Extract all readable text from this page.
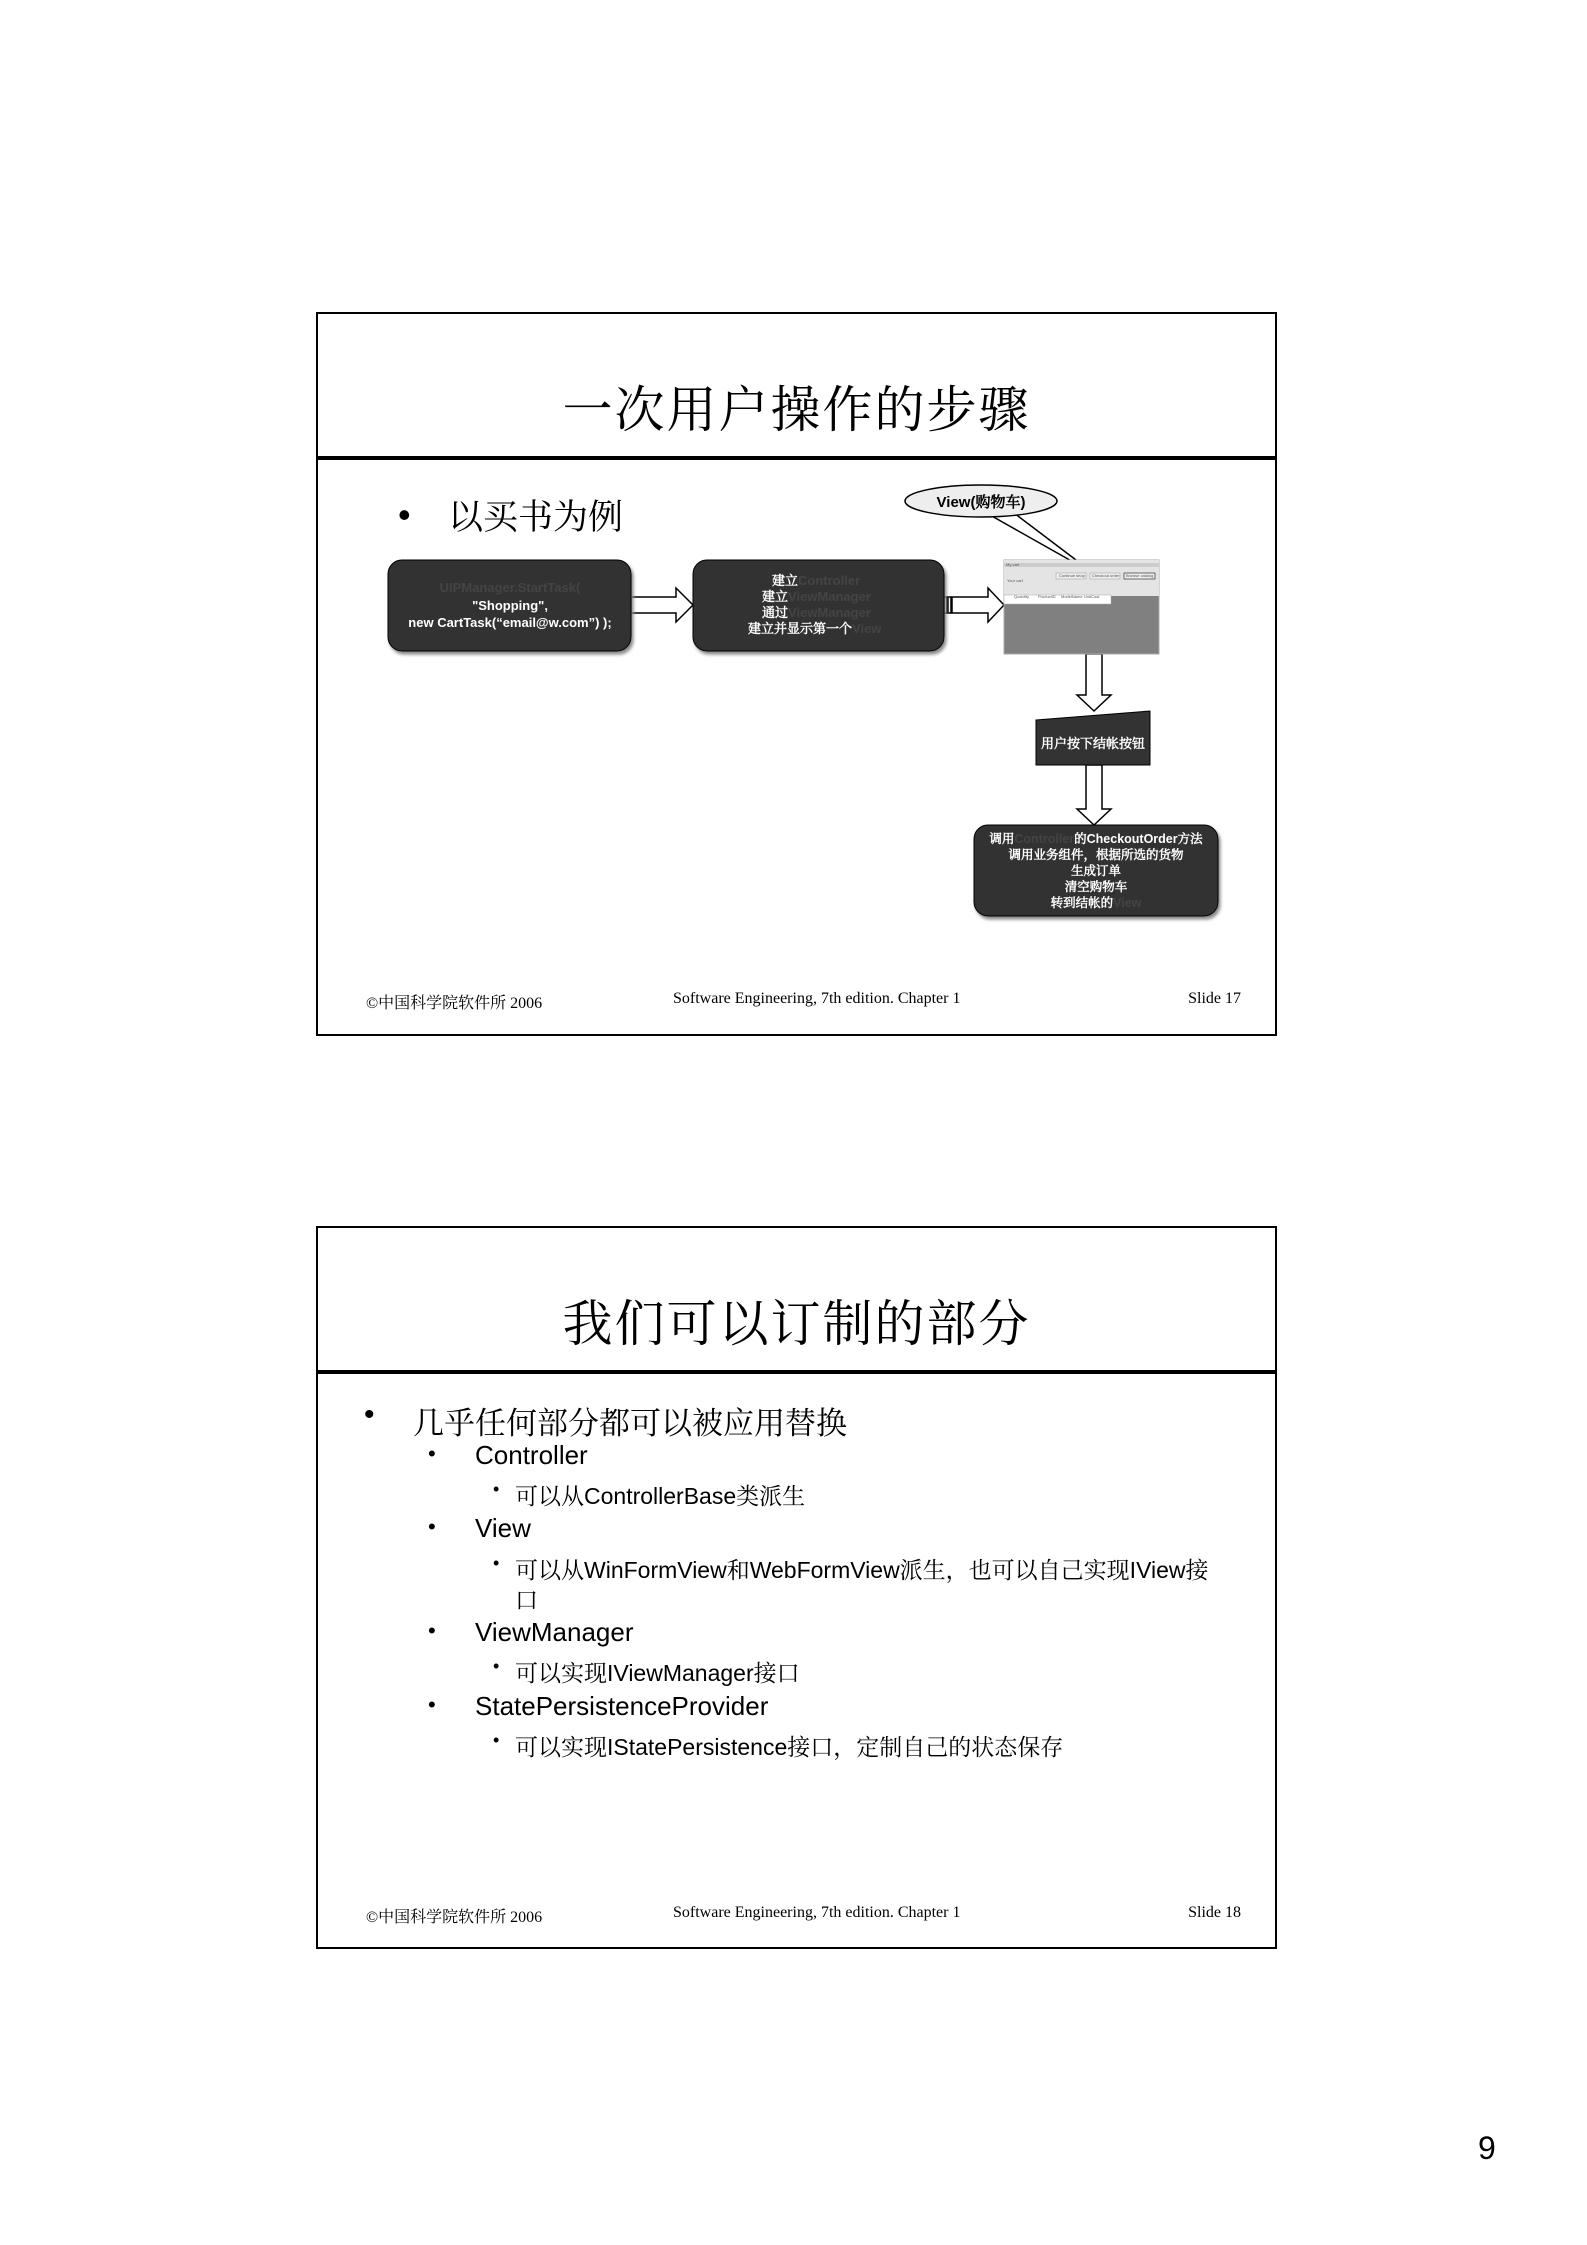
一次用户操作的步骤
• 以买书为例
©中国科学院软件所 2006	Software Engineering, 7th edition. Chapter 1	Slide 17
View(购物车)
UIPManager.StartTask(
"Shopping",
new CartTask(“email@w.com”) );
建立Controller
建立ViewManager
通过ViewManager
建立并显示第一个View
My cart
Your cart
Continue shop Checkout order Browse catalog
Quantity ProductID ModelName UnitCost
用户按下结帐按钮
调用Controller的CheckoutOrder方法
调用业务组件，根据所选的货物
生成订单
清空购物车
转到结帐的View
我们可以订制的部分
• 几乎任何部分都可以被应用替换
• Controller
• 可以从ControllerBase类派生
• View
• 可以从WinFormView和WebFormView派生，也可以自己实现IView接
口
• ViewManager
• 可以实现IViewManager接口
• StatePersistenceProvider
• 可以实现IStatePersistence接口，定制自己的状态保存
©中国科学院软件所 2006	Software Engineering, 7th edition. Chapter 1	Slide 18
9
